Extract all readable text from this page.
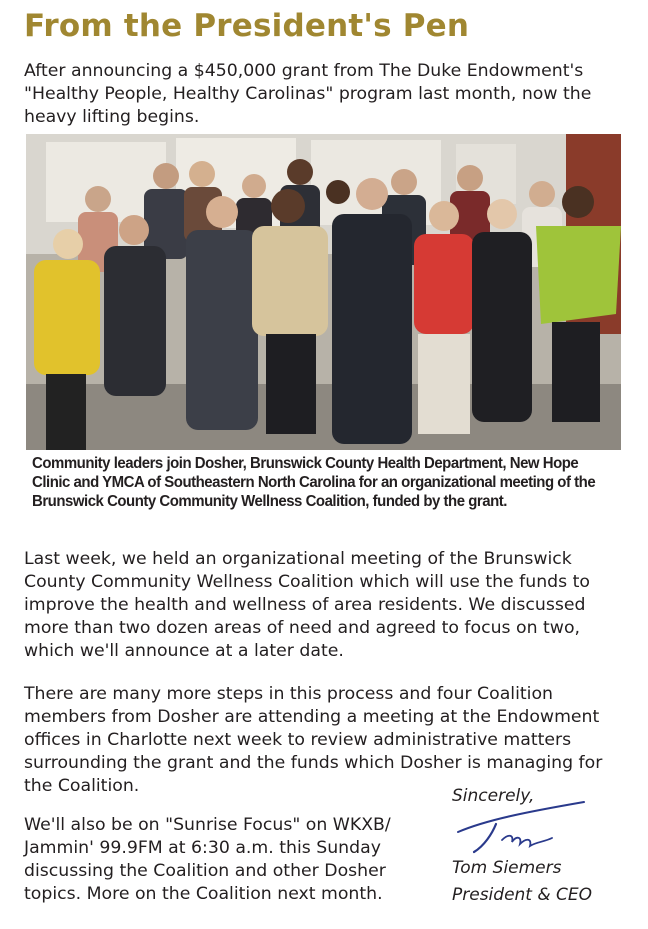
From the President's Pen

After announcing a $450,000 grant from The Duke Endowment's "Healthy People, Healthy Carolinas" program last month, now the heavy lifting begins.

Community leaders join Dosher, Brunswick County Health Department, New Hope Clinic and YMCA of Southeastern North Carolina for an organizational meeting of the Brunswick County Community Wellness Coalition, funded by the grant.

Last week, we held an organizational meeting of the Brunswick County Community Wellness Coalition which will use the funds to improve the health and wellness of area residents. We discussed more than two dozen areas of need and agreed to focus on two, which we'll announce at a later date.

There are many more steps in this process and four Coalition members from Dosher are attending a meeting at the Endowment offices in Charlotte next week to review administrative matters surrounding the grant and the funds which Dosher is managing for the Coalition.

We'll also be on "Sunrise Focus" on WKXB/ Jammin' 99.9FM at 6:30 a.m. this Sunday discussing the Coalition and other Dosher topics. More on the Coalition next month.

Sincerely,

Tom Siemers

President & CEO
